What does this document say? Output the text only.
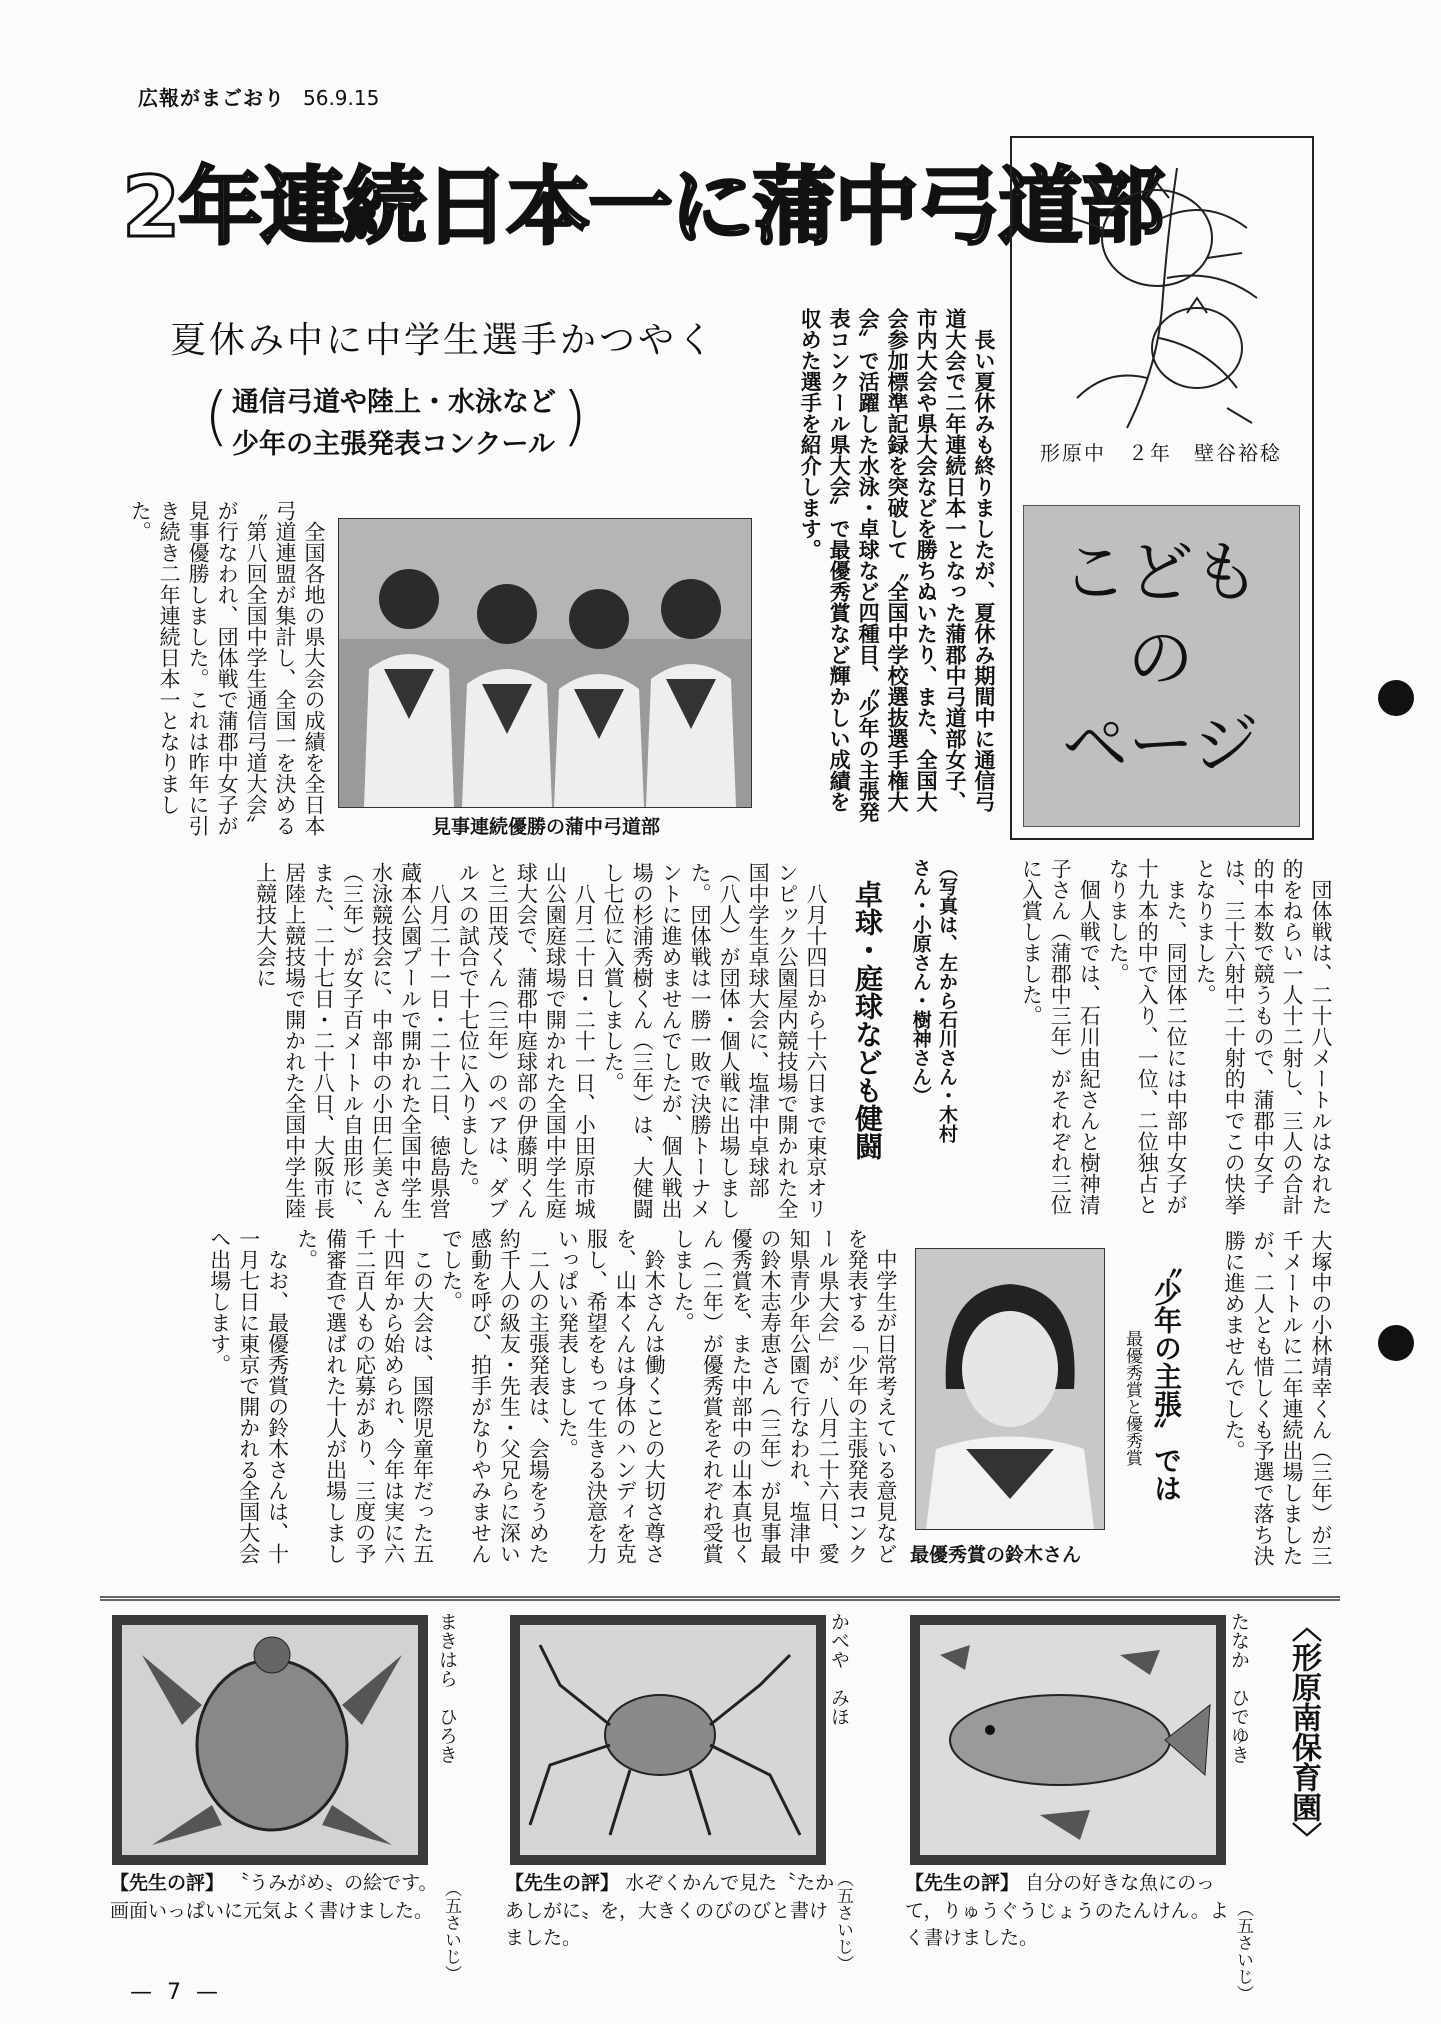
広報がまごおり 56.9.15
2年連続日本一に蒲中弓道部
夏休み中に中学生選手かつやく
( 通信弓道や陸上・水泳など
少年の主張発表コンクール )	　長い夏休みも終りましたが、夏休み期間中に通信弓道大会で二年連続日本一となった蒲郡中弓道部女子、市内大会や県大会などを勝ちぬいたり、また、全国大会参加標準記録を突破して〝全国中学校選抜選手権大会〟で活躍した水泳・卓球など四種目、〝少年の主張発表コンクール県大会〟で最優秀賞など輝かしい成績を収めた選手を紹介します。
見事連続優勝の蒲中弓道部
　全国各地の県大会の成績を全日本弓道連盟が集計し、全国一を決める〝第八回全国中学生通信弓道大会〟が行なわれ、団体戦で蒲郡中女子が見事優勝しました。これは昨年に引き続き二年連続日本一となりました。
形原中　２年　壁谷裕稔
こども
の
ページ
　団体戦は、二十八メートルはなれた的をねらい一人十二射し、三人の合計的中本数で競うもので、蒲郡中女子は、三十六射中二十射的中でこの快挙となりました。
　また、同団体二位には中部中女子が十九本的中で入り、一位、二位独占となりました。
　個人戦では、石川由紀さんと樹神清子さん（蒲郡中三年）がそれぞれ三位に入賞しました。
（写真は、左から石川さん・木村さん・小原さん・樹神さん）
大塚中の小林靖幸くん（三年）が三千メートルに二年連続出場しましたが、二人とも惜しくも予選で落ち決勝に進めませんでした。
卓球・庭球なども健闘
　八月十四日から十六日まで東京オリンピック公園屋内競技場で開かれた全国中学生卓球大会に、塩津中卓球部（八人）が団体・個人戦に出場しました。団体戦は一勝一敗で決勝トーナメントに進めませんでしたが、個人戦出場の杉浦秀樹くん（三年）は、大健闘し七位に入賞しました。
　八月二十日・二十一日、小田原市城山公園庭球場で開かれた全国中学生庭球大会で、蒲郡中庭球部の伊藤明くんと三田茂くん（三年）のペアは、ダブルスの試合で十七位に入りました。
　八月二十一日・二十二日、徳島県営蔵本公園プールで開かれた全国中学生水泳競技会に、中部中の小田仁美さん（三年）が女子百メートル自由形に、また、二十七日・二十八日、大阪市長居陸上競技場で開かれた全国中学生陸上競技大会に
〝少年の主張〟では
最優秀賞と優秀賞
最優秀賞の鈴木さん
　中学生が日常考えている意見などを発表する「少年の主張発表コンクール県大会」が、八月二十六日、愛知県青少年公園で行なわれ、塩津中の鈴木志寿恵さん（三年）が見事最優秀賞を、また中部中の山本真也くん（二年）が優秀賞をそれぞれ受賞しました。
　鈴木さんは働くことの大切さ尊さを、山本くんは身体のハンディを克服し、希望をもって生きる決意を力いっぱい発表しました。
　二人の主張発表は、会場をうめた約千人の級友・先生・父兄らに深い感動を呼び、拍手がなりやみませんでした。
　この大会は、国際児童年だった五十四年から始められ、今年は実に六千二百人もの応募があり、三度の予備審査で選ばれた十人が出場しました。
　なお、最優秀賞の鈴木さんは、十一月七日に東京で開かれる全国大会へ出場します。
〈形原南保育園〉
たなか　ひでゆき
（五さいじ）
【先生の評】 自分の好きな魚にのって，りゅうぐうじょうのたんけん。よく書けました。
かべや　みほ
（五さいじ）
【先生の評】 水ぞくかんで見た〝たかあしがに〟を，大きくのびのびと書けました。
まきはら　ひろき
（五さいじ）
【先生の評】 〝うみがめ〟の絵です。画面いっぱいに元気よく書けました。
— 7 —
